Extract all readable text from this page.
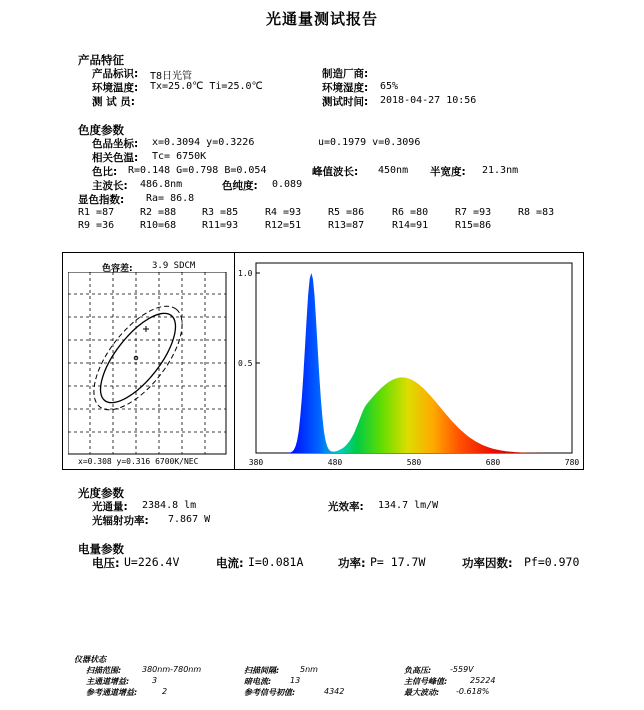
光通量测试报告
产品特征
产品标识: T8日光管	制造厂商:
环境温度: Tx=25.0℃ Ti=25.0℃	环境湿度: 65%
测 试 员:	测试时间: 2018-04-27 10:56
色度参数
色品坐标: x=0.3094 y=0.3226	u=0.1979 v=0.3096
相关色温: Tc= 6750K
色比: R=0.148 G=0.798 B=0.054	峰值波长: 450nm 半宽度: 21.3nm
主波长: 486.8nm	色纯度: 0.089
显色指数: Ra= 86.8
R1 =87	R2 =88	R3 =85	R4 =93	R5 =86	R6 =80	R7 =93	R8 =83
R9 =36	R10=68	R11=93	R12=51	R13=87	R14=91	R15=86
色容差: 3.9 SDCM
x=0.308 y=0.316 6700K/NEC
1.0
0.5
380	480	580	680	780
光度参数
光通量: 2384.8 lm	光效率: 134.7 lm/W
光辐射功率: 7.867 W
电量参数
电压: U=226.4V	电流: I=0.081A	功率: P= 17.7W	功率因数: Pf=0.970
仪器状态
扫描范围:	380nm-780nm	扫描间隔:	5nm	负高压: -559V
主通道增益:	3	暗电流: 13	主信号峰值:	25224
参考通道增益:	2	参考信号初值:	4342	最大波动: -0.618%
